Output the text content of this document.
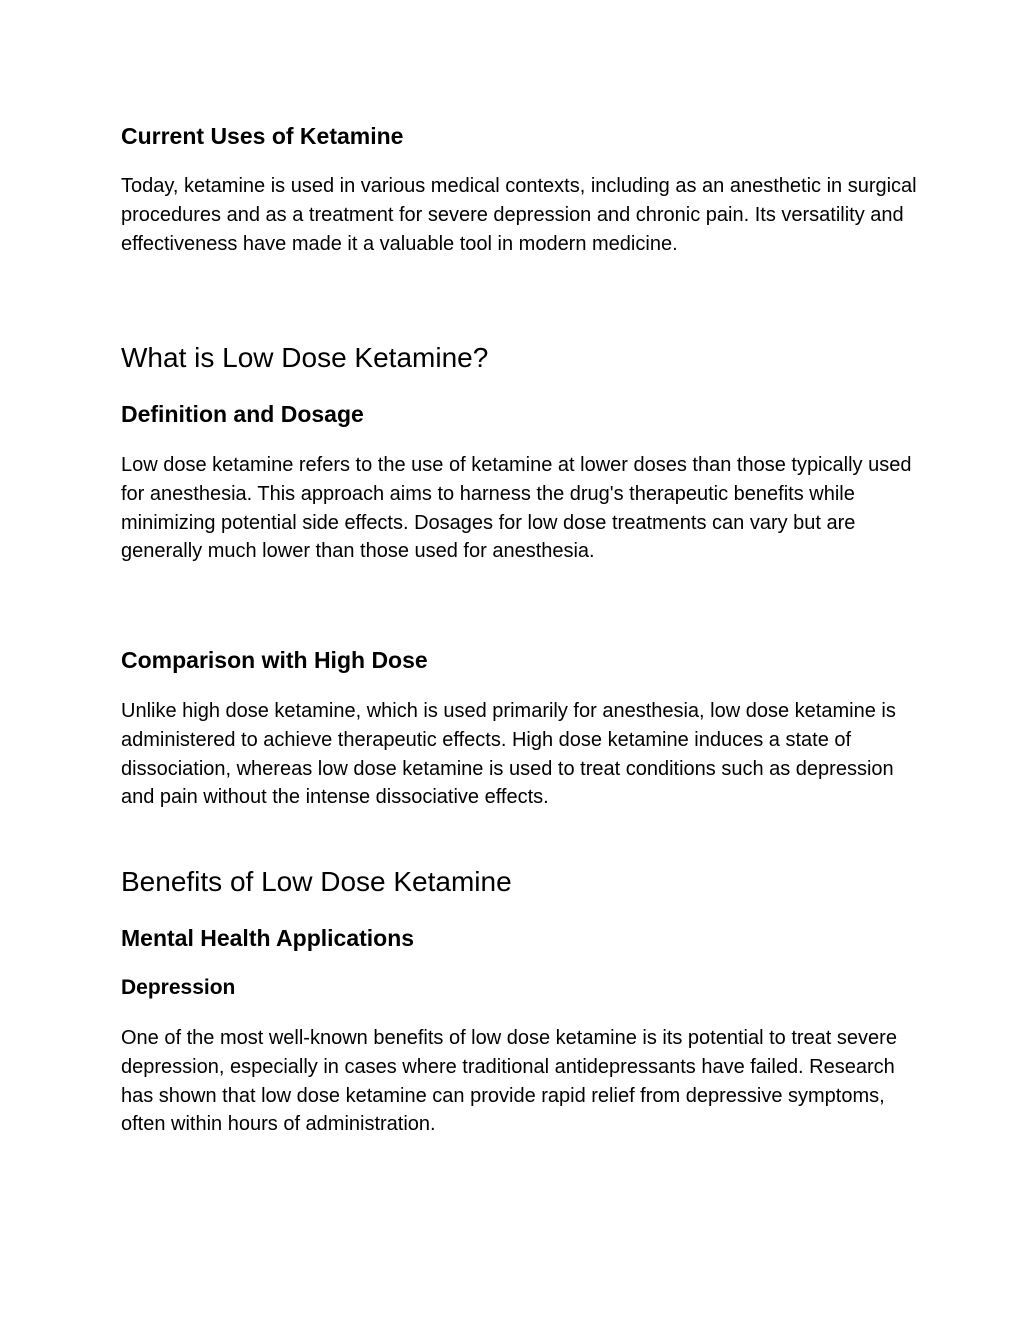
Current Uses of Ketamine

Today, ketamine is used in various medical contexts, including as an anesthetic in surgical procedures and as a treatment for severe depression and chronic pain. Its versatility and effectiveness have made it a valuable tool in modern medicine.

What is Low Dose Ketamine?
Definition and Dosage

Low dose ketamine refers to the use of ketamine at lower doses than those typically used for anesthesia. This approach aims to harness the drug's therapeutic benefits while minimizing potential side effects. Dosages for low dose treatments can vary but are generally much lower than those used for anesthesia.

Comparison with High Dose

Unlike high dose ketamine, which is used primarily for anesthesia, low dose ketamine is administered to achieve therapeutic effects. High dose ketamine induces a state of dissociation, whereas low dose ketamine is used to treat conditions such as depression and pain without the intense dissociative effects.

Benefits of Low Dose Ketamine
Mental Health Applications
Depression

One of the most well-known benefits of low dose ketamine is its potential to treat severe depression, especially in cases where traditional antidepressants have failed. Research has shown that low dose ketamine can provide rapid relief from depressive symptoms, often within hours of administration.
